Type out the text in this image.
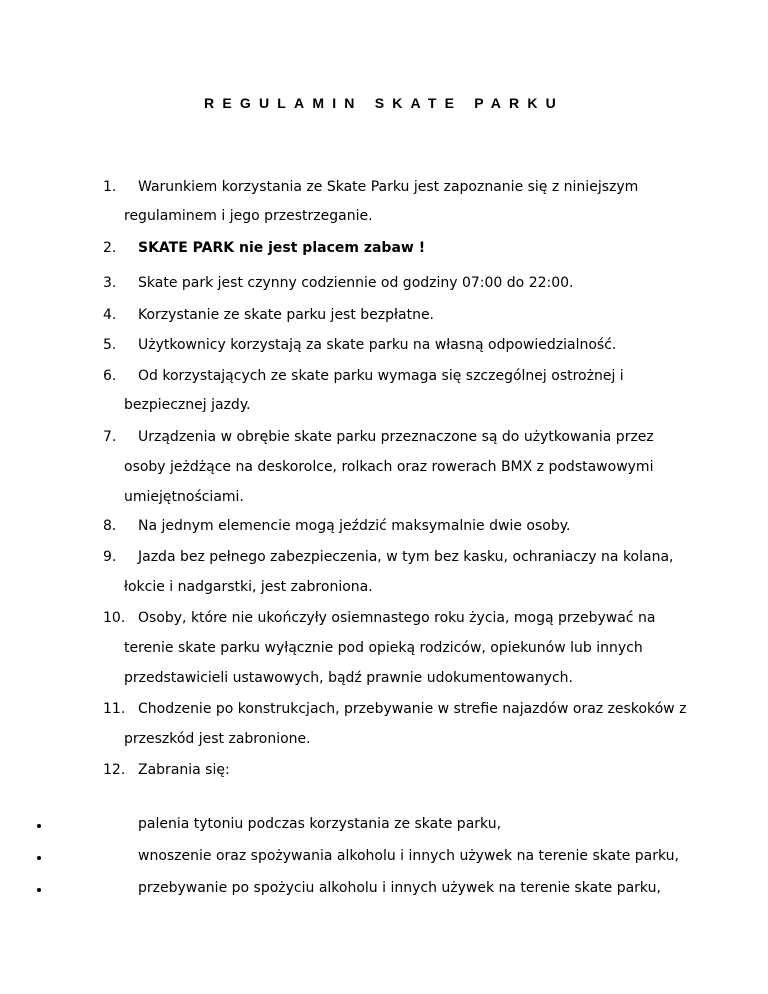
REGULAMIN SKATE PARKU
1. Warunkiem korzystania ze Skate Parku jest zapoznanie się z niniejszym
regulaminem i jego przestrzeganie.
2. SKATE PARK nie jest placem zabaw !
3. Skate park jest czynny codziennie od godziny 07:00 do 22:00.
4. Korzystanie ze skate parku jest bezpłatne.
5. Użytkownicy korzystają za skate parku na własną odpowiedzialność.
6. Od korzystających ze skate parku wymaga się szczególnej ostrożnej i
bezpiecznej jazdy.
7. Urządzenia w obrębie skate parku przeznaczone są do użytkowania przez
osoby jeżdżące na deskorolce, rolkach oraz rowerach BMX z podstawowymi
umiejętnościami.
8. Na jednym elemencie mogą jeździć maksymalnie dwie osoby.
9. Jazda bez pełnego zabezpieczenia, w tym bez kasku, ochraniaczy na kolana,
łokcie i nadgarstki, jest zabroniona.
10. Osoby, które nie ukończyły osiemnastego roku życia, mogą przebywać na
terenie skate parku wyłącznie pod opieką rodziców, opiekunów lub innych
przedstawicieli ustawowych, bądź prawnie udokumentowanych.
11. Chodzenie po konstrukcjach, przebywanie w strefie najazdów oraz zeskoków z
przeszkód jest zabronione.
12. Zabrania się:
palenia tytoniu podczas korzystania ze skate parku,
wnoszenie oraz spożywania alkoholu i innych używek na terenie skate parku,
przebywanie po spożyciu alkoholu i innych używek na terenie skate parku,
